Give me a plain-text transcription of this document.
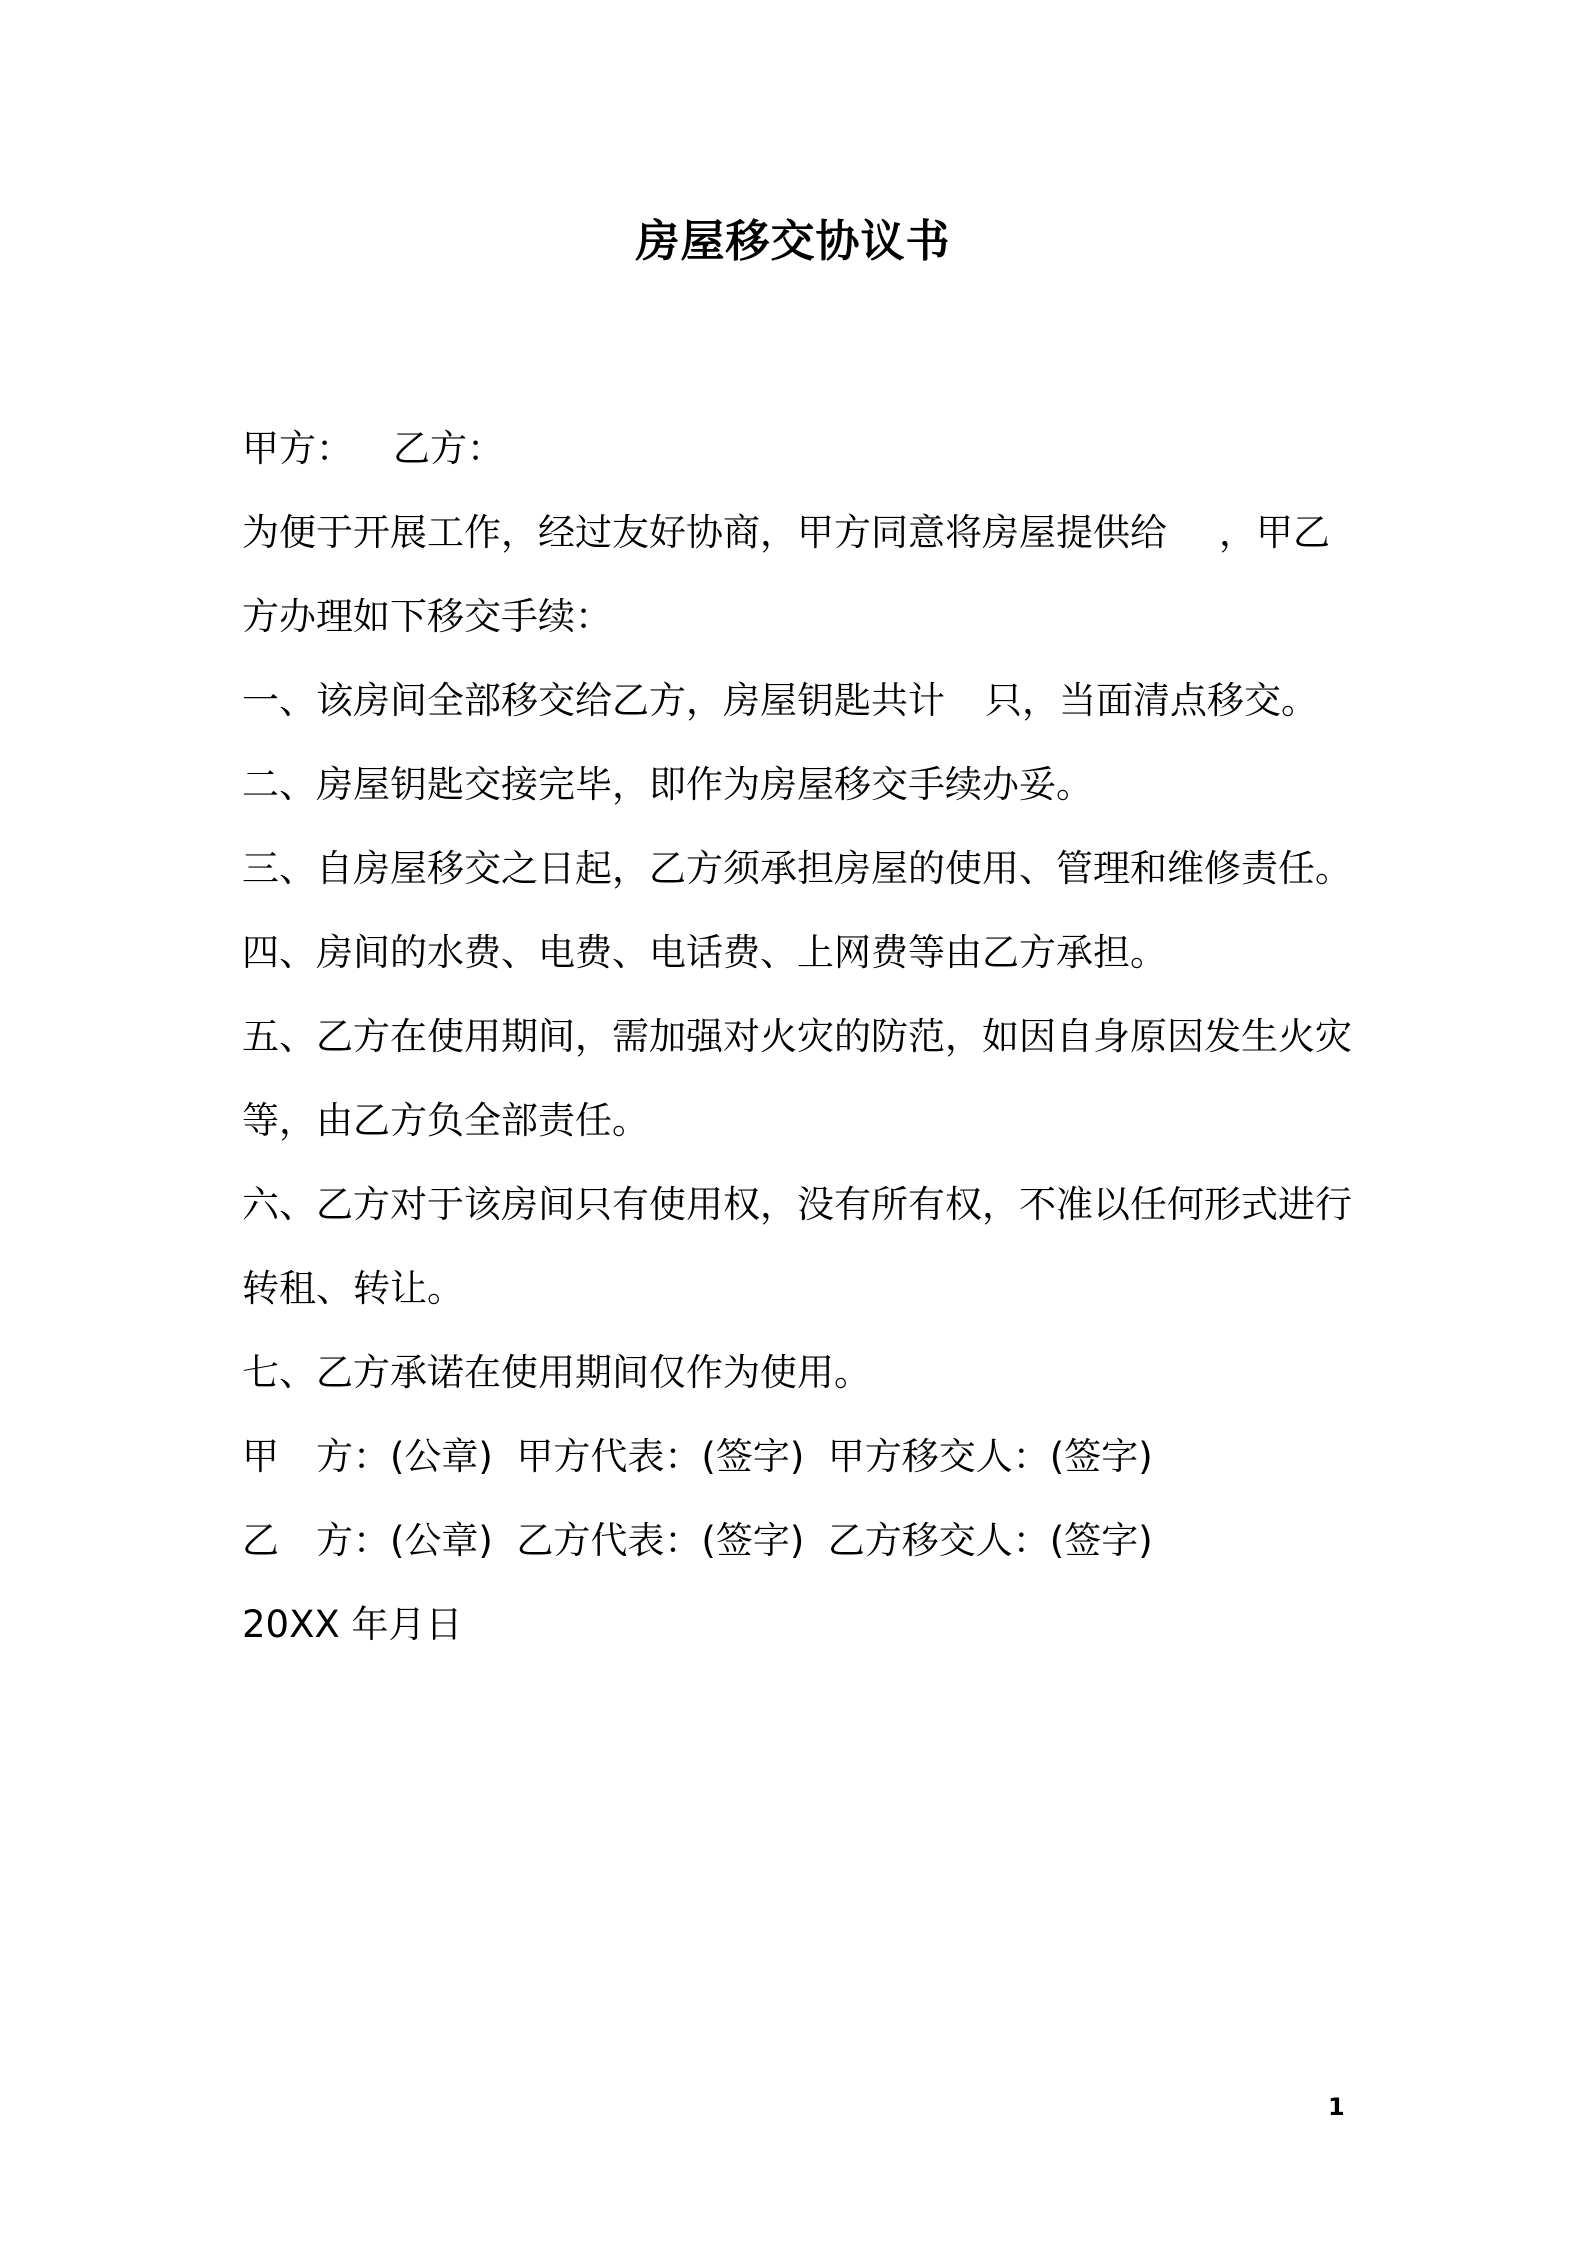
房屋移交协议书
甲方： 乙方：
为便于开展工作，经过友好协商，甲方同意将房屋提供给 ，甲乙
方办理如下移交手续：
一、该房间全部移交给乙方，房屋钥匙共计 只，当面清点移交。
二、房屋钥匙交接完毕，即作为房屋移交手续办妥。
三、自房屋移交之日起，乙方须承担房屋的使用、管理和维修责任。
四、房间的水费、电费、电话费、上网费等由乙方承担。
五、乙方在使用期间，需加强对火灾的防范，如因自身原因发生火灾
等，由乙方负全部责任。
六、乙方对于该房间只有使用权，没有所有权，不准以任何形式进行
转租、转让。
七、乙方承诺在使用期间仅作为使用。
甲　方：(公章)  甲方代表：(签字)  甲方移交人：(签字)
乙　方：(公章)  乙方代表：(签字)  乙方移交人：(签字)
20XX 年月日
1
